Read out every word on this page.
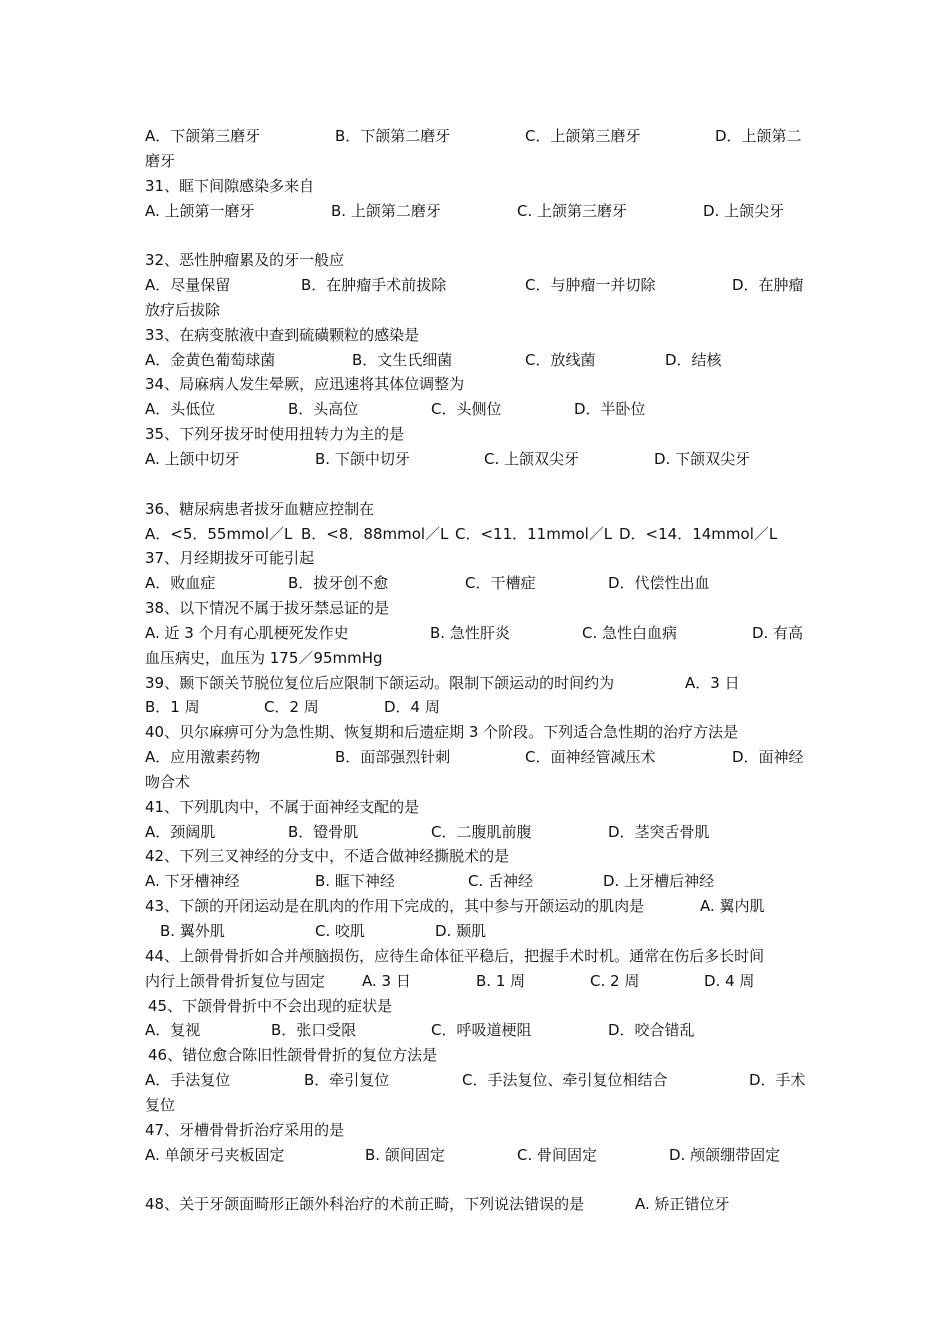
A．下颌第三磨牙	B．下颌第二磨牙	C．上颌第三磨牙	D．上颌第二
磨牙
31、眶下间隙感染多来自
A. 上颌第一磨牙	B. 上颌第二磨牙	C. 上颌第三磨牙	D. 上颌尖牙
32、恶性肿瘤累及的牙一般应
A．尽量保留	B．在肿瘤手术前拔除	C．与肿瘤一并切除	D．在肿瘤
放疗后拔除
33、在病变脓液中查到硫磺颗粒的感染是
A．金黄色葡萄球菌	B．文生氏细菌	C．放线菌	D．结核
34、局麻病人发生晕厥，应迅速将其体位调整为
A．头低位	B．头高位	C．头侧位	D．半卧位
35、下列牙拔牙时使用扭转力为主的是
A. 上颌中切牙	B. 下颌中切牙	C. 上颌双尖牙	D. 下颌双尖牙
36、糖尿病患者拔牙血糖应控制在
A．<5．55mmol／L B．<8．88mmol／L C．<11．11mmol／L D．<14．14mmol／L
37、月经期拔牙可能引起
A．败血症	B．拔牙创不愈	C．干槽症	D．代偿性出血
38、以下情况不属于拔牙禁忌证的是
A. 近 3 个月有心肌梗死发作史	B. 急性肝炎	C. 急性白血病	D. 有高
血压病史，血压为 175／95mmHg
39、颞下颌关节脱位复位后应限制下颌运动。限制下颌运动的时间约为	A．3 日
B．1 周	C．2 周	D．4 周
40、贝尔麻痹可分为急性期、恢复期和后遗症期 3 个阶段。下列适合急性期的治疗方法是
A．应用激素药物	B．面部强烈针刺	C．面神经管减压术	D．面神经
吻合术
41、下列肌肉中，不属于面神经支配的是
A．颈阔肌	B．镫骨肌	C．二腹肌前腹	D．茎突舌骨肌
42、下列三叉神经的分支中，不适合做神经撕脱术的是
A. 下牙槽神经	B. 眶下神经	C. 舌神经	D. 上牙槽后神经
43、下颌的开闭运动是在肌肉的作用下完成的，其中参与开颌运动的肌肉是	A. 翼内肌
B. 翼外肌	C. 咬肌	D. 颞肌
44、上颌骨骨折如合并颅脑损伤，应待生命体征平稳后，把握手术时机。通常在伤后多长时间
内行上颌骨骨折复位与固定 A. 3 日	B. 1 周	C. 2 周	D. 4 周
45、下颌骨骨折中不会出现的症状是
A．复视	B．张口受限	C．呼吸道梗阻	D．咬合错乱
46、错位愈合陈旧性颌骨骨折的复位方法是
A．手法复位	B．牵引复位	C．手法复位、牵引复位相结合	D．手术
复位
47、牙槽骨骨折治疗采用的是
A. 单颌牙弓夹板固定	B. 颌间固定	C. 骨间固定	D. 颅颌绷带固定
48、关于牙颌面畸形正颌外科治疗的术前正畸，下列说法错误的是	A. 矫正错位牙
